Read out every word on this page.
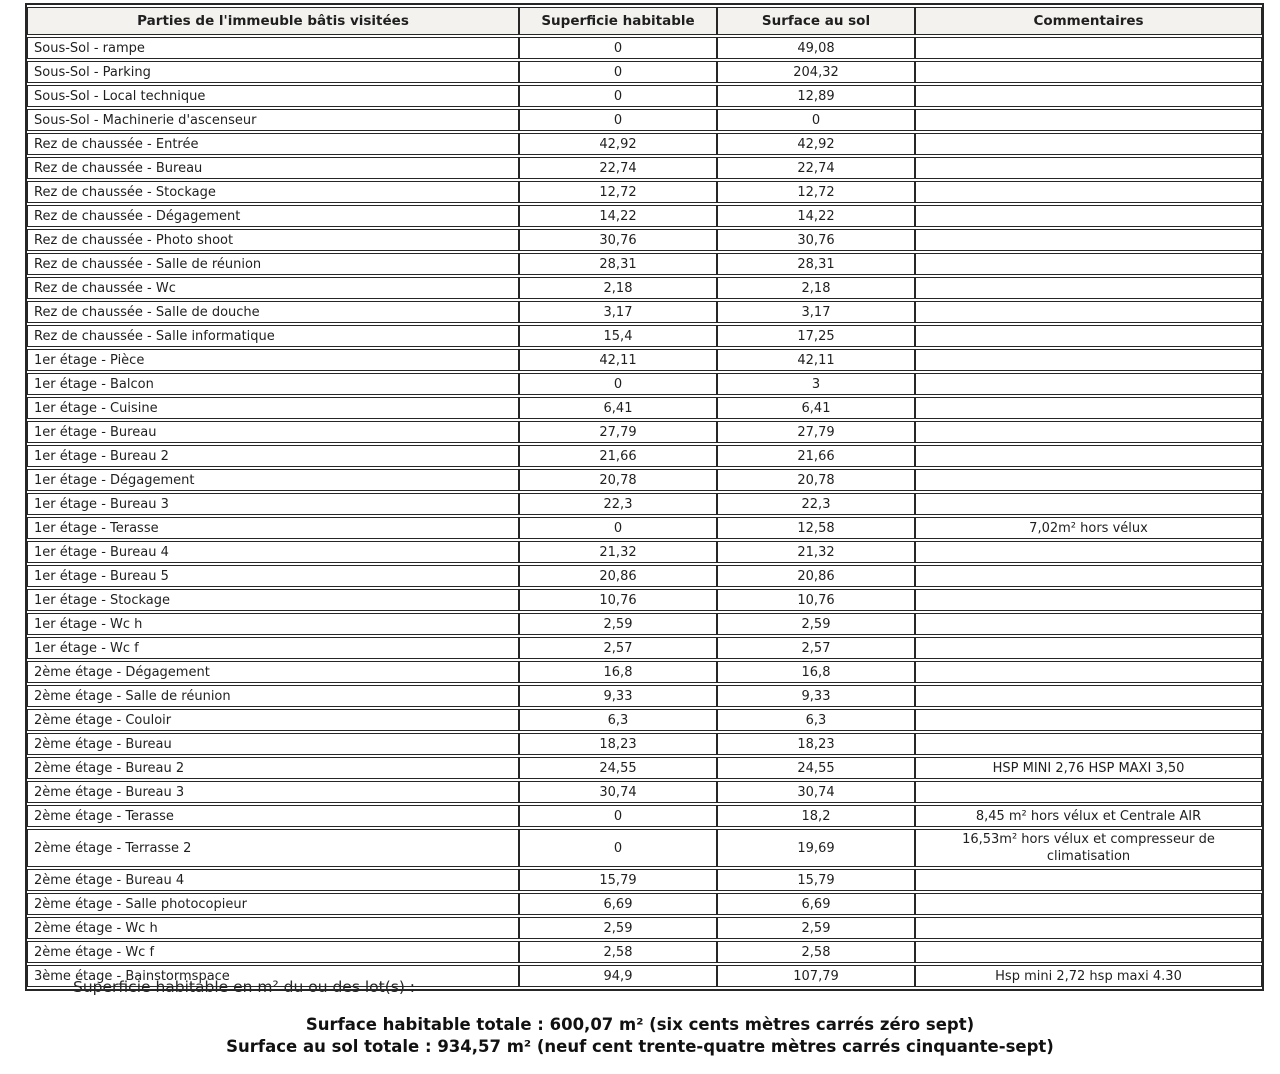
Parties de l'immeuble bâtis visitées	Superficie habitable	Surface au sol	Commentaires
Sous-Sol - rampe	0	49,08	
Sous-Sol - Parking	0	204,32	
Sous-Sol - Local technique	0	12,89	
Sous-Sol - Machinerie d'ascenseur	0	0	
Rez de chaussée - Entrée	42,92	42,92	
Rez de chaussée - Bureau	22,74	22,74	
Rez de chaussée - Stockage	12,72	12,72	
Rez de chaussée - Dégagement	14,22	14,22	
Rez de chaussée - Photo shoot	30,76	30,76	
Rez de chaussée - Salle de réunion	28,31	28,31	
Rez de chaussée - Wc	2,18	2,18	
Rez de chaussée - Salle de douche	3,17	3,17	
Rez de chaussée - Salle informatique	15,4	17,25	
1er étage - Pièce	42,11	42,11	
1er étage - Balcon	0	3	
1er étage - Cuisine	6,41	6,41	
1er étage - Bureau	27,79	27,79	
1er étage - Bureau 2	21,66	21,66	
1er étage - Dégagement	20,78	20,78	
1er étage - Bureau 3	22,3	22,3	
1er étage - Terasse	0	12,58	7,02m² hors vélux
1er étage - Bureau 4	21,32	21,32	
1er étage - Bureau 5	20,86	20,86	
1er étage - Stockage	10,76	10,76	
1er étage - Wc h	2,59	2,59	
1er étage - Wc f	2,57	2,57	
2ème étage - Dégagement	16,8	16,8	
2ème étage - Salle de réunion	9,33	9,33	
2ème étage - Couloir	6,3	6,3	
2ème étage - Bureau	18,23	18,23	
2ème étage - Bureau 2	24,55	24,55	HSP MINI 2,76 HSP MAXI 3,50
2ème étage - Bureau 3	30,74	30,74	
2ème étage - Terasse	0	18,2	8,45 m² hors vélux et Centrale AIR
2ème étage - Terrasse 2	0	19,69	16,53m² hors vélux et compresseur de climatisation
2ème étage - Bureau 4	15,79	15,79	
2ème étage - Salle photocopieur	6,69	6,69	
2ème étage - Wc h	2,59	2,59	
2ème étage - Wc f	2,58	2,58	
3ème étage - Bainstormspace	94,9	107,79	Hsp mini 2,72 hsp maxi 4.30

Superficie habitable en m² du ou des lot(s) :

Surface habitable totale : 600,07 m² (six cents mètres carrés zéro sept)

Surface au sol totale : 934,57 m² (neuf cent trente-quatre mètres carrés cinquante-sept)
